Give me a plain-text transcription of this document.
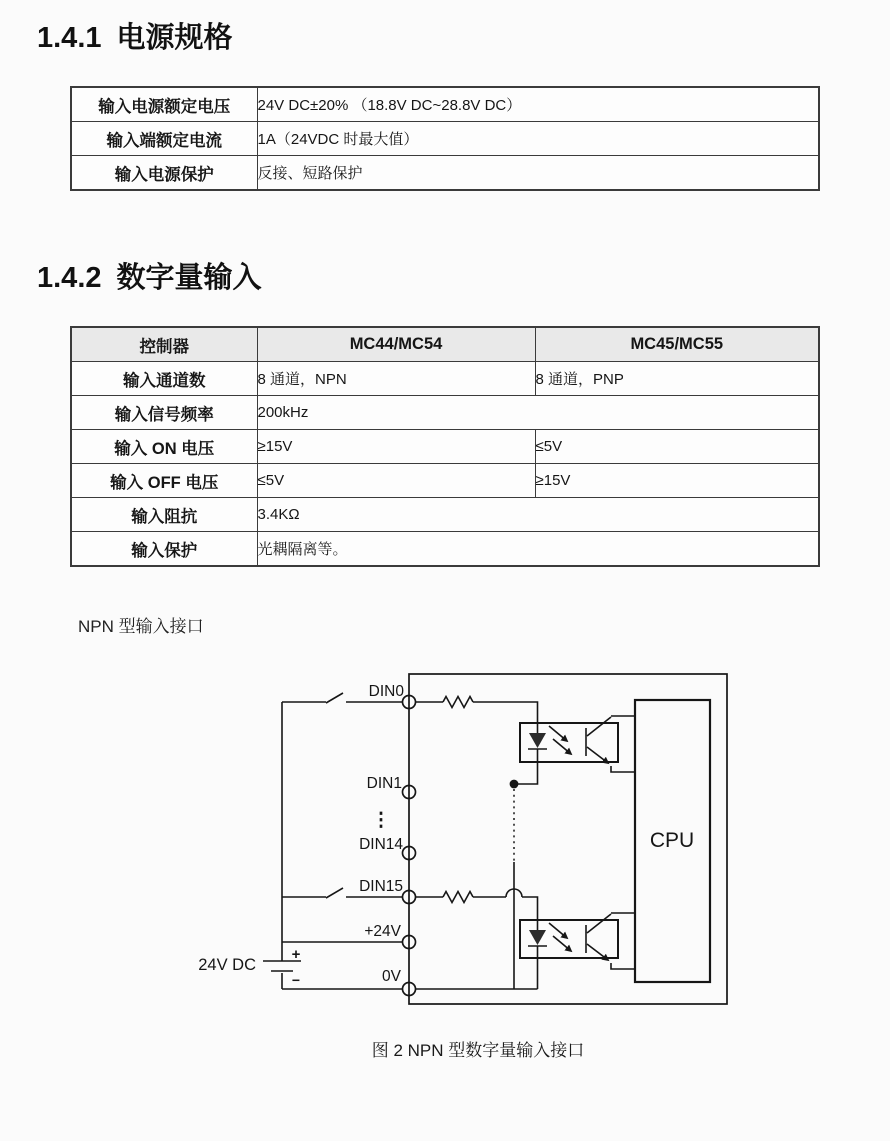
1.4.1 电源规格
输入电源额定电压	24V DC±20% （18.8V DC~28.8V DC）
输入端额定电流	1A（24VDC 时最大值）
输入电源保护	反接、短路保护
1.4.2 数字量输入
控制器	MC44/MC54	MC45/MC55
输入通道数	8 通道，NPN	8 通道，PNP
输入信号频率	200kHz	
输入 ON 电压	≥15V	≤5V
输入 OFF 电压	≤5V	≥15V
输入阻抗	3.4KΩ	
输入保护	光耦隔离等。	
NPN 型输入接口
+
−
24V DC
CPU
DIN0
DIN1
⋮
DIN14
DIN15
+24V
0V
图 2 NPN 型数字量输入接口
